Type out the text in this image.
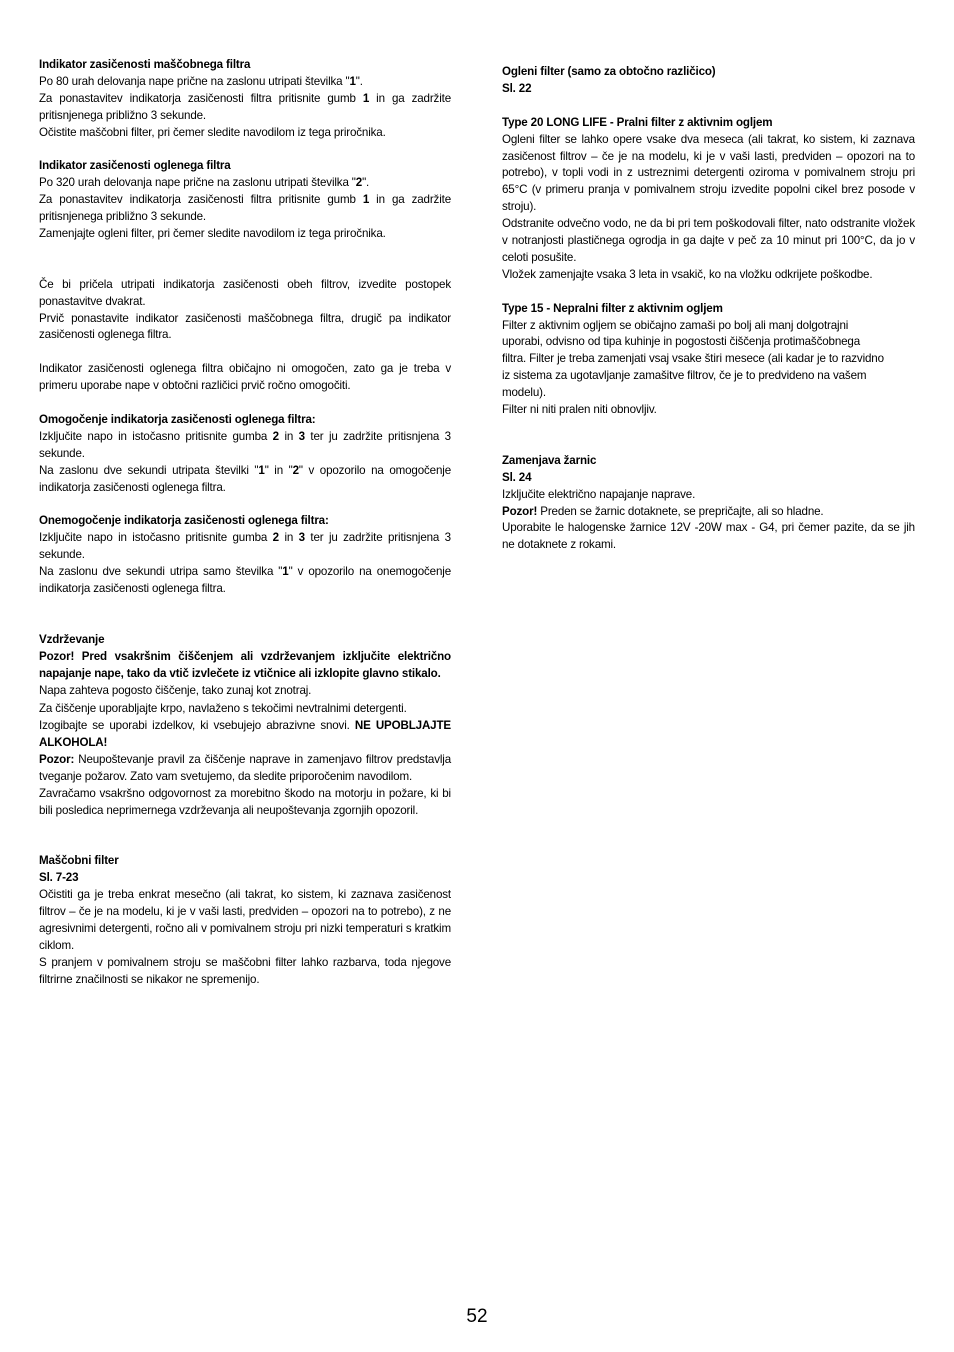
Indikator zasičenosti maščobnega filtra

Po 80 urah delovanja nape prične na zaslonu utripati številka "1".

Za ponastavitev indikatorja zasičenosti filtra pritisnite gumb 1 in ga zadržite pritisnjenega približno 3 sekunde.

Očistite maščobni filter, pri čemer sledite navodilom iz tega priročnika.

Indikator zasičenosti oglenega filtra

Po 320 urah delovanja nape prične na zaslonu utripati številka "2".

Za ponastavitev indikatorja zasičenosti filtra pritisnite gumb 1 in ga zadržite pritisnjenega približno 3 sekunde.

Zamenjajte ogleni filter, pri čemer sledite navodilom iz tega priročnika.

Če bi pričela utripati indikatorja zasičenosti obeh filtrov, izvedite postopek ponastavitve dvakrat.

Prvič ponastavite indikator zasičenosti maščobnega filtra, drugič pa indikator zasičenosti oglenega filtra.

Indikator zasičenosti oglenega filtra običajno ni omogočen, zato ga je treba v primeru uporabe nape v obtočni različici prvič ročno omogočiti.

Omogočenje indikatorja zasičenosti oglenega filtra:

Izključite napo in istočasno pritisnite gumba 2 in 3 ter ju zadržite pritisnjena 3 sekunde.

Na zaslonu dve sekundi utripata številki "1" in "2" v opozorilo na omogočenje indikatorja zasičenosti oglenega filtra.

Onemogočenje indikatorja zasičenosti oglenega filtra:

Izključite napo in istočasno pritisnite gumba 2 in 3 ter ju zadržite pritisnjena 3 sekunde.

Na zaslonu dve sekundi utripa samo številka "1" v opozorilo na onemogočenje indikatorja zasičenosti oglenega filtra.

Vzdrževanje

Pozor! Pred vsakršnim čiščenjem ali vzdrževanjem izključite električno napajanje nape, tako da vtič izvlečete iz vtičnice ali izklopite glavno stikalo.

Napa zahteva pogosto čiščenje, tako zunaj kot znotraj.

Za čiščenje uporabljajte krpo, navlaženo s tekočimi nevtralnimi detergenti.

Izogibajte se uporabi izdelkov, ki vsebujejo abrazivne snovi. NE UPOBLJAJTE ALKOHOLA!

Pozor: Neupoštevanje pravil za čiščenje naprave in zamenjavo filtrov predstavlja tveganje požarov. Zato vam svetujemo, da sledite priporočenim navodilom.

Zavračamo vsakršno odgovornost za morebitno škodo na motorju in požare, ki bi bili posledica neprimernega vzdrževanja ali neupoštevanja zgornjih opozoril.

Maščobni filter
Sl. 7-23

Očistiti ga je treba enkrat mesečno (ali takrat, ko sistem, ki zaznava zasičenost filtrov – če je na modelu, ki je v vaši lasti, predviden – opozori na to potrebo), z ne agresivnimi detergenti, ročno ali v pomivalnem stroju pri nizki temperaturi s kratkim ciklom.

S pranjem v pomivalnem stroju se maščobni filter lahko razbarva, toda njegove filtrirne značilnosti se nikakor ne spremenijo.

Ogleni filter (samo za obtočno različico)
Sl. 22
Type 20 LONG LIFE - Pralni filter z aktivnim ogljem

Ogleni filter se lahko opere vsake dva meseca (ali takrat, ko sistem, ki zaznava zasičenost filtrov – če je na modelu, ki je v vaši lasti, predviden – opozori na to potrebo), v topli vodi in z ustreznimi detergenti oziroma v pomivalnem stroju pri 65°C (v primeru pranja v pomivalnem stroju izvedite popolni cikel brez posode v stroju).

Odstranite odvečno vodo, ne da bi pri tem poškodovali filter, nato odstranite vložek v notranjosti plastičnega ogrodja in ga dajte v peč za 10 minut pri 100°C, da jo v celoti posušite.

Vložek zamenjajte vsaka 3 leta in vsakič, ko na vložku odkrijete poškodbe.

Type 15 - Nepralni filter z aktivnim ogljem

Filter z aktivnim ogljem se običajno zamaši po bolj ali manj dolgotrajni

uporabi, odvisno od tipa kuhinje in pogostosti čiščenja protimaščobnega

filtra. Filter je treba zamenjati vsaj vsake štiri mesece (ali kadar je to razvidno

iz sistema za ugotavljanje zamašitve filtrov, če je to predvideno na vašem

modelu).

Filter ni niti pralen niti obnovljiv.

Zamenjava žarnic
Sl. 24

Izključite električno napajanje naprave.

Pozor! Preden se žarnic dotaknete, se prepričajte, ali so hladne.

Uporabite le halogenske žarnice 12V -20W max - G4, pri čemer pazite, da se jih ne dotaknete z rokami.

52
